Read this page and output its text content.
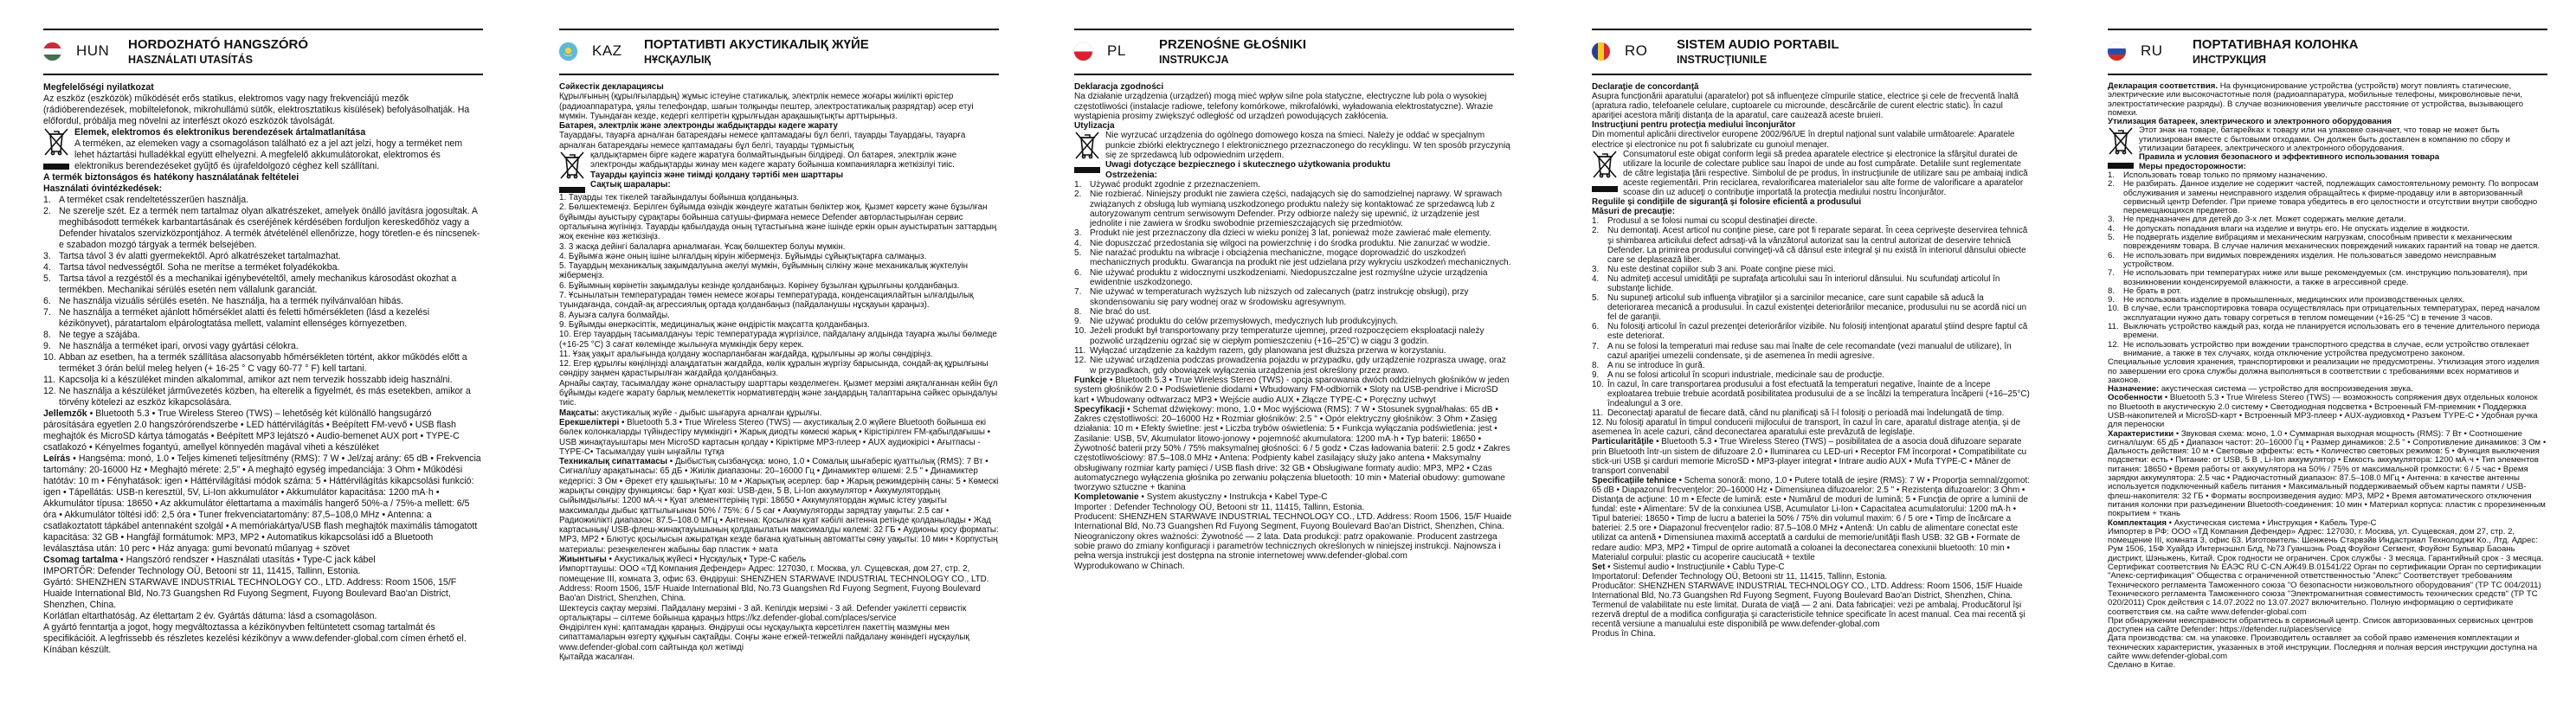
HUN HORDOZHATÓ HANGSZÓRÓ
HASZNÁLATI UTASÍTÁS
Megfelelőségi nyilatkozat
Az eszköz (eszközök) működését erős statikus, elektromos vagy nagy frekvenciájú mezők (rádióberendezések, mobiltelefonok, mikrohullámú sütők, elektrosztatikus kisülések) befolyásolhatják. Ha előfordul, próbálja meg növelni az interfészt okozó eszközök távolságát.
Elemek, elektromos és elektronikus berendezések ártalmatlanítása
A terméken, az elemeken vagy a csomagoláson található ez a jel azt jelzi, hogy a terméket nem lehet háztartási hulladékkal együtt elhelyezni. A megfelelő akkumulátorokat, elektromos és elektronikus berendezéseket gyűjtő és újrafeldolgozó céghez kell szállítani.
A termék biztonságos és hatékony használatának feltételei
Használati óvintézkedések:
1. A terméket csak rendeltetésszerűen használja.
2. Ne szerelje szét. Ez a termék nem tartalmaz olyan alkatrészeket, amelyek önálló javításra jogosultak. A meghibásodott termékek karbantartásának és cseréjének kérdésében forduljon kereskedőhöz vagy a Defender hivatalos szervizközpontjához. A termék átvételénél ellenőrizze, hogy töretlen-e és nincsenek-e szabadon mozgó tárgyak a termék belsejében.
3. Tartsa távol 3 év alatti gyermekektől. Apró alkatrészeket tartalmazhat.
4. Tartsa távol nedvességtől. Soha ne merítse a terméket folyadékokba.
5. Tartsa távol a rezgéstől és a mechanikai igénybevételtől, amely mechanikus károsodást okozhat a termékben. Mechanikai sérülés esetén nem vállalunk garanciát.
6. Ne használja vizuális sérülés esetén. Ne használja, ha a termék nyilvánvalóan hibás.
7. Ne használja a terméket ajánlott hőmérséklet alatti és feletti hőmérsékleten (lásd a kezelési kézikönyvet), páratartalom elpárologtatása mellett, valamint ellenséges környezetben.
8. Ne tegye a szájába.
9. Ne használja a terméket ipari, orvosi vagy gyártási célokra.
10. Abban az esetben, ha a termék szállítása alacsonyabb hőmérsékleten történt, akkor működés előtt a terméket 3 órán belül meleg helyen (+ 16-25 ° C vagy 60-77 ° F) kell tartani.
11. Kapcsolja ki a készüléket minden alkalommal, amikor azt nem tervezik hosszabb ideig használni.
12. Ne használja a készüléket járművezetés közben, ha elterelik a figyelmét, és más esetekben, amikor a törvény kötelezi az eszköz kikapcsolására.
Jellemzők • Bluetooth 5.3 • True Wireless Stereo (TWS) – lehetőség két különálló hangsugárzó párosítására egyetlen 2.0 hangszórórendszerbe • LED háttérvilágítás • Beépített FM-vevő • USB flash meghajtók és MicroSD kártya támogatás • Beépített MP3 lejátszó • Audio-bemenet AUX port • TYPE-C csatlakozó • Kényelmes fogantyú, amellyel könnyedén magával viheti a készüléket
Leírás • Hangséma: monó, 1.0 • Teljes kimeneti teljesítmény (RMS): 7 W • Jel/zaj arány: 65 dB • Frekvencia tartomány: 20-16000 Hz • Meghajtó mérete: 2,5" • A meghajtó egység impedanciája: 3 Ohm • Működési hatótáv: 10 m • Fényhatások: igen • Háttérvilágítási módok száma: 5 • Háttérvilágítás kikapcsolási funkció: igen • Tápellátás: USB-n keresztül, 5V, Li-Ion akkumulátor • Akkumulátor kapacitása: 1200 mA·h • Akkumulátor típusa: 18650 • Az akkumulátor élettartama a maximális hangerő 50%-a / 75%-a mellett: 6/5 óra • Akkumulátor töltési idő: 2,5 óra • Tuner frekvenciatartomány: 87,5–108,0 MHz • Antenna: a csatlakoztatott tápkábel antennaként szolgál • A memóriakártya/USB flash meghajtók maximális támogatott kapacitása: 32 GB • Hangfájl formátumok: MP3, MP2 • Automatikus kikapcsolási idő a Bluetooth leválasztása után: 10 perc • Ház anyaga: gumi bevonatú műanyag + szövet
Csomag tartalma • Hangszóró rendszer • Használati utasítás • Type-C jack kábel
IMPORTŐR: Defender Technology OÜ, Betooni str 11, 11415, Tallinn, Estonia.
Gyártó: SHENZHEN STARWAVE INDUSTRIAL TECHNOLOGY CO., LTD. Address: Room 1506, 15/F Huaide International Bld, No.73 Guangshen Rd Fuyong Segment, Fuyong Boulevard Bao'an District, Shenzhen, China.
Korlátlan eltarthatóság. Az élettartam 2 év. Gyártás dátuma: lásd a csomagoláson.
A gyártó fenntartja a jogot, hogy megváltoztassa a kézikönyvben feltüntetett csomag tartalmát és specifikációit. A legfrissebb és részletes kezelési kézikönyv a www.defender-global.com címen érhető el. Kínában készült.
KAZ ПОРТАТИВТІ АКУСТИКАЛЫҚ ЖҮЙЕ
НҰСҚАУЛЫҚ
Сәйкестік декларациясы
Құрылғының (құрылғылардың) жұмыс істеуіне статикалық, электрлік немесе жоғары жиілікті өрістер (радиоаппаратура, ұялы телефондар, шағын толқынды пештер, электростатикалық разрядтар) әсер етуі мүмкін. Туындаған кезде, кедергі келтіретін құрылғыдан арақашықтықты арттырыңыз.
Батарея, электрлік және электронды жабдықтарды кәдеге жарату
Тауардағы, тауарға арналған батареядағы немесе қаптамадағы бұл белгі, тауарды Тауардағы, тауарға арналған батареядағы немесе қаптамадағы бұл белгі, тауарды тұрмыстық
қалдықтармен бірге кәдеге жаратуға болмайтындығын білдіреді. Ол батарея, электрлік және электронды жабдықтарды жинау мен кәдеге жарату бойынша компанияларға жеткізілуі тиіс.
Тауарды қауіпсіз және тиімді қолдану тәртібі мен шарттары
Сақтық шаралары:
1. Тауарды тек тікелей тағайындалуы бойынша қолданыңыз.
2. Бөлшектемеңіз. Берілген бұйымда өзіндік жөндеуге жататын бөліктер жоқ. Қызмет көрсету және бұзылған бұйымды ауыстыру сұрақтары бойынша сатушы-фирмаға немесе Defender авторластырылған сервис орталығына жүгініңіз. Тауарды қабылдауда оның тұтастығына және ішінде еркін орын ауыстыратын заттардың жоқ екеніне көз жеткізіңіз.
3. 3 жасқа дейінгі балаларға арналмаған. Ұсақ бөлшектер болуы мүмкін.
4. Бұйымға және оның ішіне ылғалдың кіруін жібермеңіз. Бұйымды сұйықтықтарға салмаңыз.
5. Тауардың механикалық зақымдалуына әкелуі мүмкін, бұйымның сілкіну және механикалық жүктелуін жібермеңіз.
6. Бұйымның көрінетін зақымдалуы кезінде қолданбаңыз. Көрінеу бұзылған құрылғыны қолданбаңыз.
7. Ұсынылатын температурадан төмен немесе жоғары температурада, конденсациялайтын ылғалдылық туындағанда, сондай-ақ агрессиялық ортада қолданбаңыз (пайдаланушы нұсқауын қараңыз).
8. Ауызға салуға болмайды.
9. Бұйымды өнеркәсіптік, медициналық және өндірістік мақсатта қолданбаңыз.
10. Егер тауардың тасымалдануы теріс температурада жүргізілсе, пайдалану алдында тауарға жылы бөлмеде (+16-25 °C) 3 сағат көлемінде жылынуға мүмкіндік беру керек.
11. Ұзақ уақыт аралығында қолдану жоспарланбаған жағдайда, құрылғыны әр жолы сөндіріңіз.
12. Егер құрылғы көңіліңізді алаңдататын жағдайда, көлік құралын жүргізу барысында, сондай-ақ құрылғыны сөндіру заңмен қарастырылған жағдайда қолданбаңыз.
Арнайы сақтау, тасымалдау және орналастыру шарттары көзделмеген. Қызмет мерзімі аяқталғаннан кейін бұл бұйымды кәдеге жарату барлық мемлекеттік нормативтердің және заңдардың талаптарына сәйкес орындалуы тиіс.
Мақсаты: акустикалық жүйе - дыбыс шығаруға арналған құрылғы.
Ерекшеліктері • Bluetooth 5.3 • True Wireless Stereo (TWS) — акустикалық 2.0 жүйеге Bluetooth бойынша екі бөлек колонкаларды түйіндестіру мүмкіндігі • Жарық диодты көмескі жарық • Кірістірілген FM-қабылдағышы • USB жинақтауыштары мен MicroSD картасын қолдау • Кіріктірме MP3-плеер • AUX аудиокірісі • Ағытпасы - TYPE-C• Тасымалдау үшін ыңғайлы тұтқа
Техникалық сипаттамасы • Дыбыстық сызбанұсқа: моно, 1.0 • Сомалық шығаберіс қуаттылық (RMS): 7 Вт • Сигнал/шу арақатынасы: 65 дБ • Жиілік диапазоны: 20–16000 Гц • Динамиктер өлшемі: 2.5 " • Динамиктер кедергісі: 3 Ом • Әрекет ету қашықтығы: 10 м • Жарықтық әсерлер: бар • Жарық режимдерінің саны: 5 • Көмескі жарықты сөндіру функциясы: бар • Қуат көзі: USB-ден, 5 В, Li-Ion аккумулятор • Аккумулятордың сыйымдылығы: 1200 мА·ч • Қуат элементтерінің түрі: 18650 • Аккумулятордан жұмыс істеу уақыты максималды дыбыс қаттылығынан 50% / 75%: 6 / 5 сағ • Аккумуляторды зарядтау уақыты: 2.5 сағ • Радиожиілікті диапазон: 87.5–108.0 МГц • Антенна: Қосылған қуат кәбілі антенна ретінде қолданылады • Жад картасының/ USB-флеш-жинақтауышының қолданылатын максималды көлемі: 32 ГБ • Аудионы қосу форматы: MP3, MP2 • Блютус қосылысын ажыратқан кезде бағана қуатының автоматты сөну уақыты: 10 мин • Корпустың материалы: резеңкеленген жабыны бар пластик + мата
Жиынтығы • Акустикалық жүйесі • Нұсқаулық • Type-C кабель
Импорттаушы: ООО «ТД Компания Дефендер» Адрес: 127030, г. Москва, ул. Сущевская, дом 27, стр. 2, помещение III, комната 3, офис 63. Өндіруші: SHENZHEN STARWAVE INDUSTRIAL TECHNOLOGY CO., LTD. Address: Room 1506, 15/F Huaide International Bld, No.73 Guangshen Rd Fuyong Segment, Fuyong Boulevard Bao'an District, Shenzhen, China.
Шектеусіз сақтау мерзімі. Пайдалану мерзімі - 3 ай. Кепілдік мерзімі - 3 ай. Defender уәкілетті сервистік орталықтары – сілтеме бойынша қараңыз https://kz.defender-global.com/places/service
Өндірілген күні: қаптамадан қараңыз. Өндіруші осы нұсқаулықта көрсетілген пакеттің мазмұны мен сипаттамаларын өзгерту құқығын сақтайды. Соңғы және егжей-тегжейлі пайдалану жөніндегі нұсқаулық www.defender-global.com сайтында қол жетімді
Қытайда жасалған.
PL	PRZENOŚNE GŁOŚNIKI
INSTRUKCJA
Deklaracja zgodności
Na działanie urządzenia (urządzeń) mogą mieć wpływ silne pola statyczne, electryczne lub pola o wysokiej częstotliwości (instalacje radiowe, telefony komórkowe, mikrofalówki, wyładowania elektrostatyczne). Wrazie wystąpienia prosimy zwiększyć odległość od urządzeń powodujących zakłócenia.
Utylizacja
Nie wyrzucać urządzenia do ogólnego domowego kosza na śmieci. Należy je oddać w specjalnym punkcie zbiórki elektrycznego I elektronicznego przeznaczonego do recyklingu. W ten sposób przyczynią się ze sprzedawcą lub odpowiednim urzędem.
Uwagi dotyczące bezpiecznego i skutecznego użytkowania produktu
Ostrzeżenia:
1. Używać produkt zgodnie z przeznaczeniem.
2. Nie rozbierać. Niniejszy produkt nie zawiera części, nadających się do samodzielnej naprawy. W sprawach związanych z obsługą lub wymianą uszkodzonego produktu należy się kontaktować ze sprzedawcą lub z autoryzowanym centrum serwisowym Defender. Przy odbiorze należy się upewnić, iż urządzenie jest jednolite i nie zawiera w środku swobodnie przemieszczających się przedmiotów.
3. Produkt nie jest przeznaczony dla dzieci w wieku poniżej 3 lat, ponieważ może zawierać małe elementy.
4. Nie dopuszczać przedostania się wilgoci na powierzchnię i do środka produktu. Nie zanurzać w wodzie.
5. Nie narażać produktu na wibracje i obciążenia mechaniczne, mogące doprowadzić do uszkodzeń mechanicznych produktu. Gwarancja na produkt nie jest udzielana przy wykryciu uszkodzeń mechanicznych.
6. Nie używać produktu z widocznymi uszkodzeniami. Niedopuszczalne jest rozmyślne użycie urządzenia ewidentnie uszkodzonego.
7. Nie używać w temperaturach wyższych lub niższych od zalecanych (patrz instrukcję obsługi), przy skondensowaniu się pary wodnej oraz w środowisku agresywnym.
8. Nie brać do ust.
9. Nie używać produktu do celów przemysłowych, medycznych lub produkcyjnych.
10. Jeżeli produkt był transportowany przy temperaturze ujemnej, przed rozpoczęciem eksploatacji należy pozwolić urządzeniu ogrzać się w ciepłym pomieszczeniu (+16–25°C) w ciągu 3 godzin.
11. Wyłączać urządzenie za każdym razem, gdy planowana jest dłuższa przerwa w korzystaniu.
12. Nie używać urządzenia podczas prowadzenia pojazdu w przypadku, gdy urządzenie rozprasza uwagę, oraz w przypadkach, gdy obowiązek wyłączenia urządzenia jest określony przez prawo.
Funkcje • Bluetooth 5.3 • True Wireless Stereo (TWS) - opcja sparowania dwóch oddzielnych głośników w jeden system głośników 2.0 • Podświetlenie diodami • Wbudowany FM-odbiornik • Sloty na USB-pendrive i MicroSD kart • Wbudowany odtwarzacz MP3 • Wejście audio AUX • Złącze TYPE-C • Poręczny uchwyt
Specyfikacji • Schemat dźwiękowy: mono, 1.0 • Moc wyjściowa (RMS): 7 W • Stosunek sygnał/hałas: 65 dB • Zakres częstotliwości: 20–16000 Hz • Rozmiar głośników: 2.5 " • Opór elektryczny głośników: 3 Ohm • Zasięg działania: 10 m • Efekty świetlne: jest • Liczba trybów oświetlenia: 5 • Funkcja wyłączania podświetlenia: jest • Zasilanie: USB, 5V, Akumulator litowo-jonowy • pojemność akumulatora: 1200 mA·h • Typ baterii: 18650 • Żywotność baterii przy 50% / 75% maksymalnej głośności: 6 / 5 godz • Czas ładowania baterii: 2.5 godz • Zakres częstotliwościowy: 87.5–108.0 MHz • Antena: Podpienty kabel zasilający służy jako antena • Maksymalny obsługiwany rozmiar karty pamięci / USB flash drive: 32 GB • Obsługiwane formaty audio: MP3, MP2 • Czas automatycznego wyłączenia głośnika po zerwaniu połączenia bluetooth: 10 min • Materiał obudowy: gumowane tworzywo sztuczne + tkanina
Kompletowanie • System akustyczny • Instrukcja • Kabel Type-C
Importer : Defender Technology OÜ, Betooni str 11, 11415, Tallinn, Estonia.
Producent: SHENZHEN STARWAVE INDUSTRIAL TECHNOLOGY CO., LTD. Address: Room 1506, 15/F Huaide International Bld, No.73 Guangshen Rd Fuyong Segment, Fuyong Boulevard Bao'an District, Shenzhen, China.
Nieograniczony okres ważności: Żywotność — 2 lata. Data produkcji: patrz opakowanie. Producent zastrzega sobie prawo do zmiany konfiguracji i parametrów technicznych określonych w niniejszej instrukcji. Najnowsza i pełna wersja instrukcji jest dostępna na stronie internetowej www.defender-global.com
Wyprodukowano w Chinach.
RO SISTEM AUDIO PORTABIL
INSTRUCŢIUNILE
Declaraţie de concordanţă
Asupra funcţionării aparatului (aparatelor) pot să influenţeze cîmpurile statice, electrice şi cele de frecventă înaltă (apratura radio, telefoanele celulare, cuptoarele cu microunde, descărcările de curent electric static). În cazul apariţiei acestora măriţi distanţa de la aparatul, care cauzează aceste bruieri.
Instrucţiuni pentru protecţia mediului înconjurător
Din momentul aplicării directivelor europene 2002/96/UE în dreptul naţional sunt valabile următoarele: Aparatele electrice şi electronice nu pot fi salubrizate cu gunoiul menajer.
Consumatorul este obigat conform legii să predea aparatele electrice şi electronice la sfârşitul duratei de utilizare la locurile de colectare publice sau înapoi de unde au fost cumpărate. Detaliile sunt reglementate de către legistaţia ţării respective. Simbolul de pe produs, în instrucţiunile de utilizare sau pe ambaiaj indică aceste regiementări. Prin reciclarea, revalorificarea materialelor sau alte forme de valorificare a aparatelor scoase din uz aduceţi o contribuţie importată la protecţia mediului nostru înconjurător.
Regulile şi condiţiile de siguranţă şi folosire eficientă a produsului
Măsuri de precauţie:
1. Produsul a se folosi numai cu scopul destinaţiei directe.
2. Nu demontaţi. Acest articol nu conţine piese, care pot fi reparate separat. În ceea cepriveşte deservirea tehnică şi shimbarea articilului defect adrsaţi-vă la vânzătorul autorizat sau la centrul autorizat de deservire tehnică Defender. La primirea produsului convingeţi-vă că dânsul este integral şi nu există în interiorul dânsului obiecte care se deplasează liber.
3. Nu este destinat copiilor sub 3 ani. Poate conţine piese mici.
4. Nu admiteţi accesul umidităţii pe suprafaţa articolului sau în interiorul dânsului. Nu scufundaţi articolul în substanţe lichide.
5. Nu supuneţi articolul sub influenţa vibraţiilor şi a sarcinilor mecanice, care sunt capabile să aducă la deteriorarea mecanică a produsului. În cazul existenţei deteriorărilor mecanice, produsului nu se acordă nici un fel de garanţii.
6. Nu folosiţi articolul în cazul prezenţei deteriorărilor vizibile. Nu folosiţi intenţionat aparatul ştiind despre faptul că este deteriorat.
7. A nu se folosi la temperaturi mai reduse sau mai înalte de cele recomandate (vezi manualul de utilizare), în cazul apariţiei umezelii condensate, şi de asemenea în medii agresive.
8. A nu se introduce în gură.
9. A nu se folosi articolul în scopuri industriale, medicinale sau de producţie.
10. În cazul, în care transportarea produsului a fost efectuată la temperaturi negative, înainte de a începe exploatarea trebuie trebuie acordată posibilitatea produsului de a se încălzi la temperatura încăperii (+16–25°C) îndealungul a 3 ore.
11. Deconectaţi aparatul de fiecare dată, când nu planificaţi să î-l folosiţi o perioadă mai îndelungată de timp.
12. Nu folosiţi aparatul în timpul conducerii mijlocului de transport, în cazul în care, aparatul distrage atenţia, şi de asemenea în acele cazuri, când deconectarea aparatului este prevăzută de legislaţie.
Particularităţile • Bluetooth 5.3 • True Wireless Stereo (TWS) – posibilitatea de a asocia două difuzoare separate prin Bluetooth într-un sistem de difuzoare 2.0 • Iluminarea cu LED-uri • Receptor FM încorporat • Compatibilitate cu stick-uri USB şi carduri memorie MicroSD • MP3-player integrat • Intrare audio AUX • Mufa TYPE-C • Mâner de transport convenabil
Specificaţiile tehnice • Schema sonoră: mono, 1.0 • Putere totală de ieşire (RMS): 7 W • Proporţia semnal/zgomot: 65 dB • Diapazonul frecvenţelor: 20–16000 Hz • Dimensiunea difuzoarelor: 2.5 " • Rezistenţa difuzoarelor: 3 Ohm • Distanţa de acţiune: 10 m • Efecte de lumină: este • Numărul de moduri de lumină: 5 • Funcţia de oprire a luminii de fundal: este • Alimentare: 5V de la conxiunea USB, Acumulator Li-Ion • Capacitatea acumulatorului: 1200 mA·h • Tipul bateriei: 18650 • Timp de lucru a bateriei la 50% / 75% din volumul maxim: 6 / 5 ore • Timp de încărcare a bateriei: 2.5 ore • Diapazonul frecvenţelor radio: 87.5–108.0 MHz • Antenă: Un cablu de alimentare conectat este utilizat ca antenă • Dimensiunea maximă acceptată a cardului de memorie/unităţii flash USB: 32 GB • Formate de redare audio: MP3, MP2 • Timpul de oprire automată a coloanei la deconectarea conexiunii bluetooth: 10 min • Materialul corpului: plastic cu acoperire cauciucată + textile
Set • Sistemul audio • Instrucţiunile • Cablu Type-C
Importatorul: Defender Technology OÜ, Betooni str 11, 11415, Tallinn, Estonia.
Producător: SHENZHEN STARWAVE INDUSTRIAL TECHNOLOGY CO., LTD. Address: Room 1506, 15/F Huaide International Bld, No.73 Guangshen Rd Fuyong Segment, Fuyong Boulevard Bao'an District, Shenzhen, China.
Termenul de valabilitate nu este limitat. Durata de viaţă — 2 ani. Data fabricaţiei: vezi pe ambalaj. Producătorul îşi rezervă dreptul de a modifica configuraţia şi caracteristicile tehnice specificate în acest manual. Cea mai recentă şi recentă versiune a manualului este disponibilă pe www.defender-global.com
Produs în China.
RU ПОРТАТИВНАЯ КОЛОНКА
ИНСТРУКЦИЯ
Декларация соответствия. На функционирование устройства (устройств) могут повлиять статические, электрические или высокочастотные поля (радиоаппаратура, мобильные телефоны, микроволновые печи, электростатические разряды). В случае возникновения увеличьте расстояние от устройства, вызывающего помехи.
Утилизация батареек, электрического и электронного оборудования
Этот знак на товаре, батарейках к товару или на упаковке означает, что товар не может быть утилизирован вместе с бытовыми отходами. Он должен быть доставлен в компанию по сбору и утилизации батареек, электрического и электронного оборудования.
Правила и условия безопасного и эффективного использования товара
Меры предосторожности:
1.	Использовать товар только по прямому назначению.
2.	Не разбирать. Данное изделие не содержит частей, подлежащих самостоятельному ремонту. По вопросам обслуживания и замены неисправного изделия обращайтесь к фирме-продавцу или в авторизованный сервисный центр Defender. При приеме товара убедитесь в его целостности и отсутствии внутри свободно перемещающихся предметов.
3.	Не предназначен для детей до 3-х лет. Может содержать мелкие детали.
4.	Не допускать попадания влаги на изделие и внутрь его. Не опускать изделие в жидкости.
5.	Не подвергать изделие вибрациям и механическим нагрузкам, способным привести к механическим повреждениям товара. В случае наличия механических повреждений никаких гарантий на товар не дается.
6.	Не использовать при видимых повреждениях изделия. Не пользоваться заведомо неисправным устройством.
7.	Не использовать при температурах ниже или выше рекомендуемых (см. инструкцию пользователя), при возникновении конденсируемой влажности, а также в агрессивной среде.
8.	Не брать в рот.
9.	Не использовать изделие в промышленных, медицинских или производственных целях.
10. В случае, если транспортировка товара осуществлялась при отрицательных температурах, перед началом эксплуатации нужно дать товару согреться в теплом помещении (+16-25 °C) в течение 3 часов.
11. Выключать устройство каждый раз, когда не планируется использовать его в течение длительного периода времени.
12. Не использовать устройство при вождении транспортного средства в случае, если устройство отвлекает внимание, а также в тех случаях, когда отключение устройства предусмотрено законом.
Специальные условия хранения, транспортировки и реализации не предусмотрены. Утилизация этого изделия по завершении его срока службы должна выполняться в соответствии с требованиями всех нормативов и законов.
Назначение: акустическая система — устройство для воспроизведения звука.
Особенности • Bluetooth 5.3 • True Wireless Stereo (TWS) — возможность сопряжения двух отдельных колонок по Bluetooth в акустическую 2.0 систему • Светодиодная подсветка • Встроенный FM-приемник • Поддержка USB-накопителей и MicroSD-карт • Встроенный MP3-плеер • AUX-аудиовход • Разъем TYPE-C • Удобная ручка для переноски
Характеристики • Звуковая схема: моно, 1.0 • Суммарная выходная мощность (RMS): 7 Вт • Соотношение сигнал/шум: 65 дБ • Диапазон частот: 20–16000 Гц • Размер динамиков: 2.5 " • Сопротивление динамиков: 3 Ом • Дальность действия: 10 м • Световые эффекты: есть • Количество световых режимов: 5 • Функция выключения подсветки: есть • Питание: от USB, 5 В , Li-Ion аккумулятор • Емкость аккумулятора: 1200 мА·ч • Тип элементов питания: 18650 • Время работы от аккумулятора на 50% / 75% от максимальной громкости: 6 / 5 час • Время зарядки аккумулятора: 2.5 час • Радиочастотный диапазон: 87.5–108.0 МГц • Антенна: в качестве антенны используется подключенный кабель питания • Максимальный поддерживаемый объем карты памяти / USB-флеш-накопителя: 32 ГБ • Форматы воспроизведения аудио: MP3, MP2 • Время автоматического отключения питания колонки при разъединении Bluetooth-соединения: 10 мин • Материал корпуса: пластик с прорезиненным покрытием + ткань
Комплектация • Акустическая система • Инструкция • Кабель Type-C
Импортер в РФ: ООО «ТД Компания Дефендер» Адрес: 127030, г. Москва, ул. Сущевская, дом 27, стр. 2, помещение III, комната 3, офис 63. Изготовитель: Шенжень Старвэйв Индастриал Технолоджи Ко., Лтд. Адрес: Рум 1506, 15Ф Хуайдэ Интернэшнл Блд, №73 Гуаншэнь Роад Фоуйонг Сегмент, Фоуйонг Бульвар Баоань дистрикт, Шэньжень, Китай. Срок годности не ограничен. Срок службы - 3 месяца. Гарантийный срок - 3 месяца.
Сертификат соответствия № ЕАЭС RU C-CN.АЖ49.В.01541/22 Орган по сертификации Орган по сертификации "Апекс-сертификация" Общества с ограниченной ответственностью "Апекс" Соответствует требованиям Технического регламента Таможенного союза "О безопасности низковольтного оборудования" (ТР ТС 004/2011) Технического регламента Таможенного союза "Электромагнитная совместимость технических средств" (ТР ТС 020/2011) Срок действия с 14.07.2022 по 13.07.2027 включительно. Полную информацию о сертификате соответствия см. на сайте www.defender-global.com
При обнаружении неисправности обратитесь в сервисный центр. Список авторизованных сервисных центров доступен на сайте Defender: https://defender.ru/places/service
Дата производства: см. на упаковке. Производитель оставляет за собой право изменения комплектации и технических характеристик, указанных в этой инструкции. Последняя и полная версия инструкции доступна на сайте www.defender-global.com
Сделано в Китае.
